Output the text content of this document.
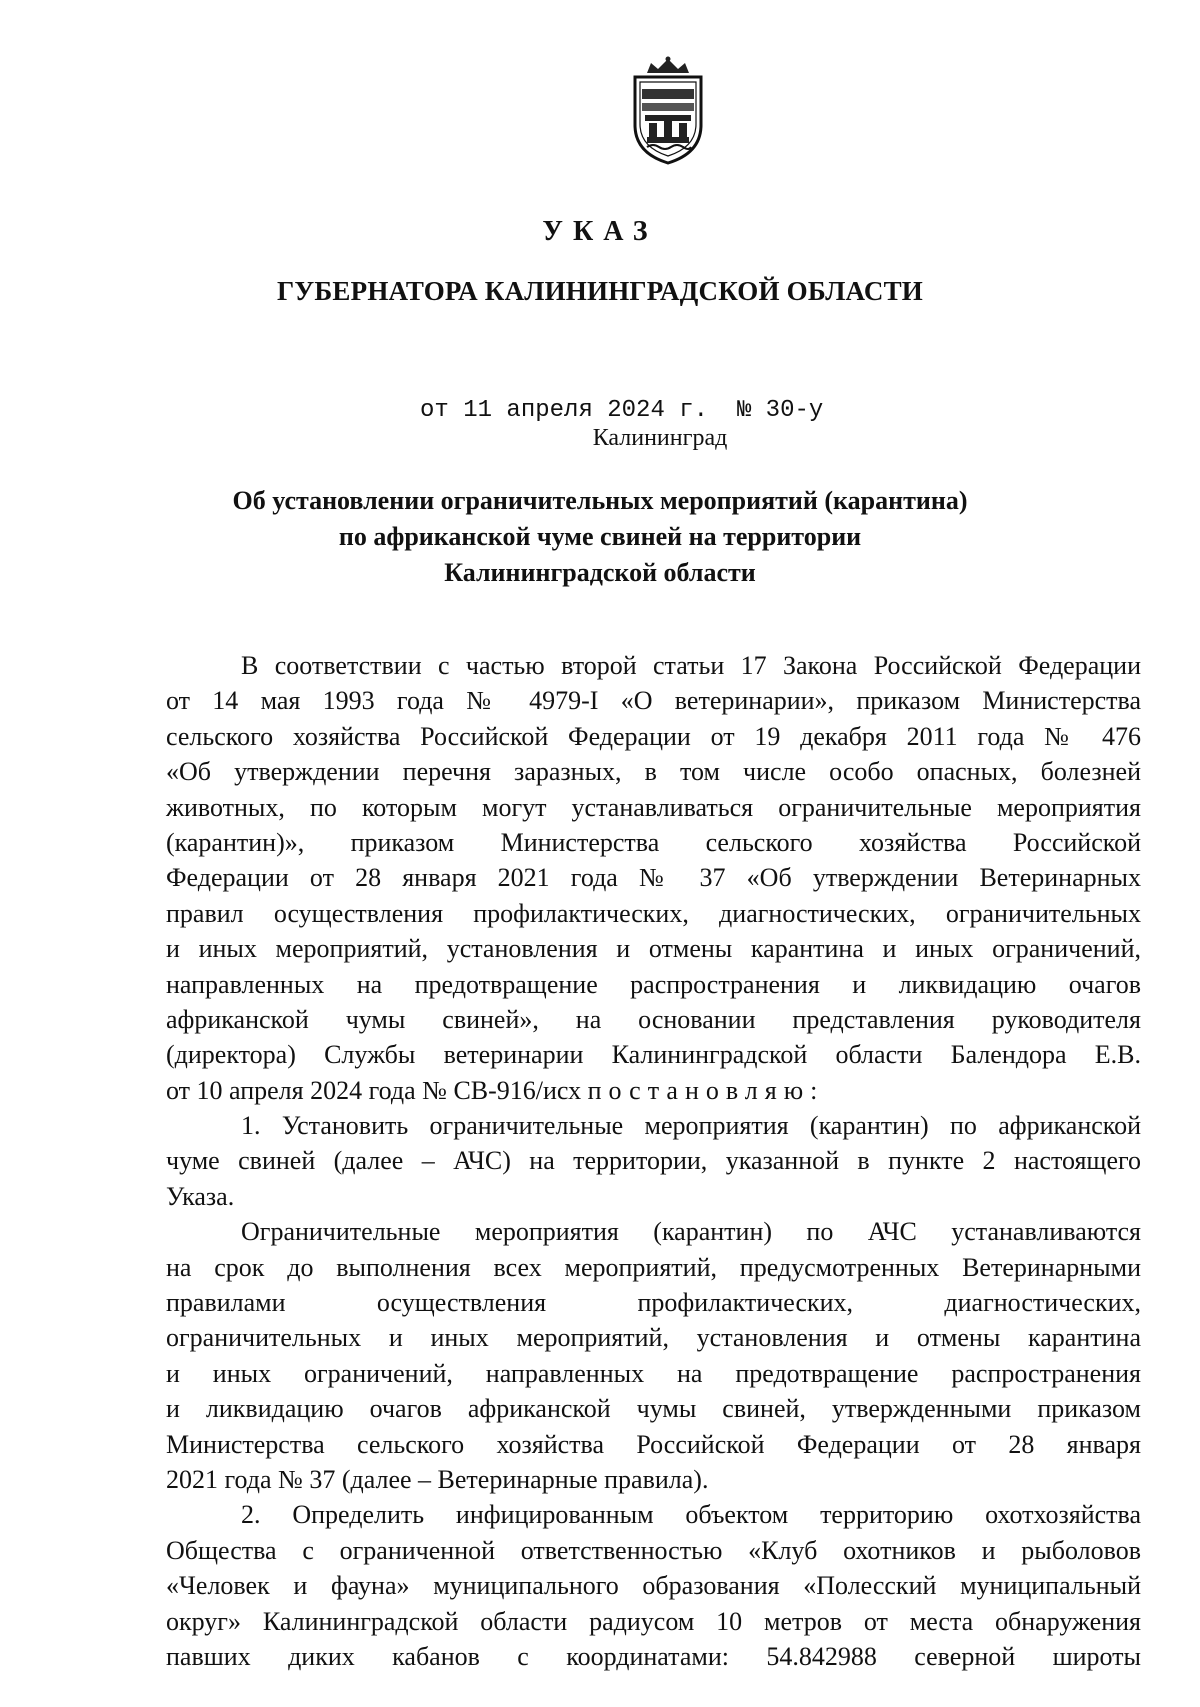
УКАЗ
ГУБЕРНАТОРА КАЛИНИНГРАДСКОЙ ОБЛАСТИ
от 11 апреля 2024 г. № 30-у
Калининград
Об установлении ограничительных мероприятий (карантина)
по африканской чуме свиней на территории
Калининградской области
В соответствии с частью второй статьи 17 Закона Российской Федерации
от 14 мая 1993 года № 4979-I «О ветеринарии», приказом Министерства
сельского хозяйства Российской Федерации от 19 декабря 2011 года № 476
«Об утверждении перечня заразных, в том числе особо опасных, болезней
животных, по которым могут устанавливаться ограничительные мероприятия
(карантин)», приказом Министерства сельского хозяйства Российской
Федерации от 28 января 2021 года № 37 «Об утверждении Ветеринарных
правил осуществления профилактических, диагностических, ограничительных
и иных мероприятий, установления и отмены карантина и иных ограничений,
направленных на предотвращение распространения и ликвидацию очагов
африканской чумы свиней», на основании представления руководителя
(директора) Службы ветеринарии Калининградской области Балендора Е.В.
от 10 апреля 2024 года № СВ-916/исх постановляю:
1. Установить ограничительные мероприятия (карантин) по африканской
чуме свиней (далее – АЧС) на территории, указанной в пункте 2 настоящего
Указа.
Ограничительные мероприятия (карантин) по АЧС устанавливаются
на срок до выполнения всех мероприятий, предусмотренных Ветеринарными
правилами осуществления профилактических, диагностических,
ограничительных и иных мероприятий, установления и отмены карантина
и иных ограничений, направленных на предотвращение распространения
и ликвидацию очагов африканской чумы свиней, утвержденными приказом
Министерства сельского хозяйства Российской Федерации от 28 января
2021 года № 37 (далее – Ветеринарные правила).
2. Определить инфицированным объектом территорию охотхозяйства
Общества с ограниченной ответственностью «Клуб охотников и рыболовов
«Человек и фауна» муниципального образования «Полесский муниципальный
округ» Калининградской области радиусом 10 метров от места обнаружения
павших диких кабанов с координатами: 54.842988 северной широты
